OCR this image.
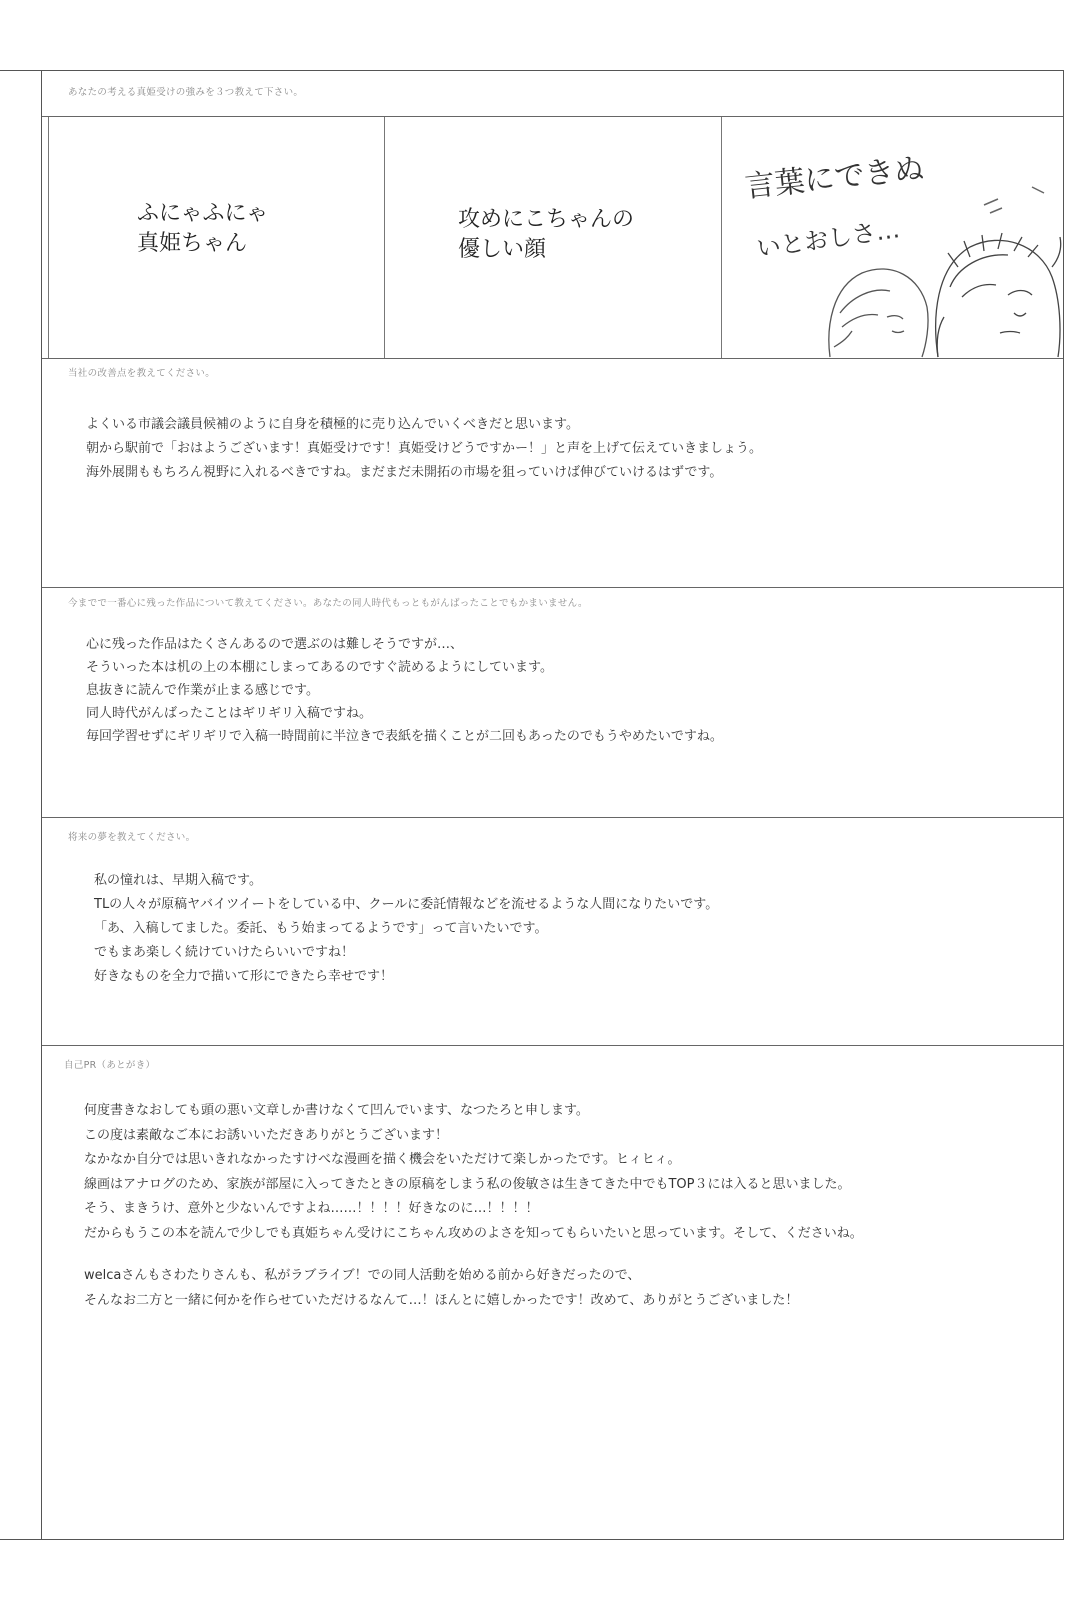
あなたの考える真姫受けの強みを３つ教えて下さい。
ふにゃふにゃ
真姫ちゃん
攻めにこちゃんの
優しい顔
言葉にできぬ
いとおしさ…
当社の改善点を教えてください。
よくいる市議会議員候補のように自身を積極的に売り込んでいくべきだと思います。
朝から駅前で「おはようございます！真姫受けです！真姫受けどうですかー！」と声を上げて伝えていきましょう。
海外展開ももちろん視野に入れるべきですね。まだまだ未開拓の市場を狙っていけば伸びていけるはずです。
今までで一番心に残った作品について教えてください。あなたの同人時代もっともがんばったことでもかまいません。
心に残った作品はたくさんあるので選ぶのは難しそうですが…、
そういった本は机の上の本棚にしまってあるのですぐ読めるようにしています。
息抜きに読んで作業が止まる感じです。
同人時代がんばったことはギリギリ入稿ですね。
毎回学習せずにギリギリで入稿一時間前に半泣きで表紙を描くことが二回もあったのでもうやめたいですね。
将来の夢を教えてください。
私の憧れは、早期入稿です。
TLの人々が原稿ヤバイツイートをしている中、クールに委託情報などを流せるような人間になりたいです。
「あ、入稿してました。委託、もう始まってるようです」って言いたいです。
でもまあ楽しく続けていけたらいいですね！
好きなものを全力で描いて形にできたら幸せです！
自己PR（あとがき）
何度書きなおしても頭の悪い文章しか書けなくて凹んでいます、なつたろと申します。
この度は素敵なご本にお誘いいただきありがとうございます！
なかなか自分では思いきれなかったすけべな漫画を描く機会をいただけて楽しかったです。ヒィヒィ。
線画はアナログのため、家族が部屋に入ってきたときの原稿をしまう私の俊敏さは生きてきた中でもTOP３には入ると思いました。
そう、まきうけ、意外と少ないんですよね……！！！！好きなのに…！！！！
だからもうこの本を読んで少しでも真姫ちゃん受けにこちゃん攻めのよさを知ってもらいたいと思っています。そして、くださいね。
welcaさんもさわたりさんも、私がラブライブ！での同人活動を始める前から好きだったので、
そんなお二方と一緒に何かを作らせていただけるなんて…！ほんとに嬉しかったです！改めて、ありがとうございました！
